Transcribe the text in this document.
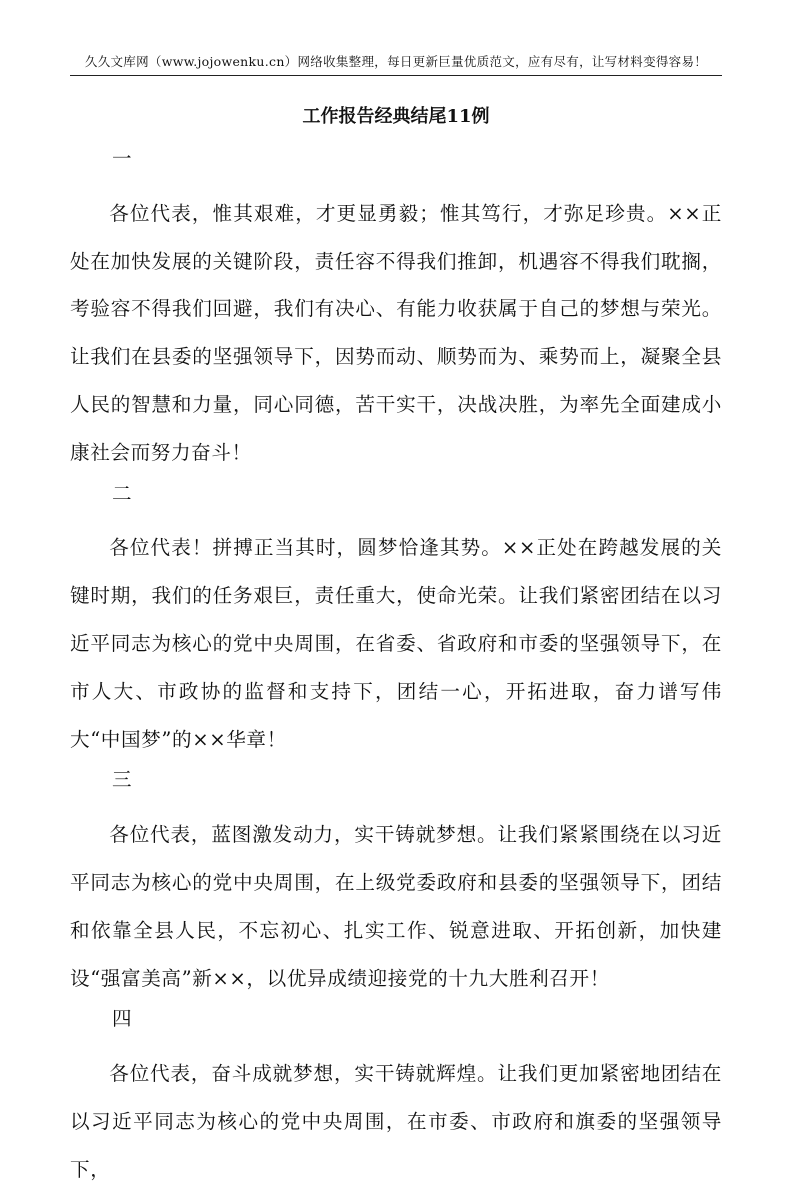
久久文库网（www.jojowenku.cn）网络收集整理，每日更新巨量优质范文，应有尽有，让写材料变得容易！
工作报告经典结尾11例

一

各位代表，惟其艰难，才更显勇毅；惟其笃行，才弥足珍贵。××正处在加快发展的关键阶段，责任容不得我们推卸，机遇容不得我们耽搁，考验容不得我们回避，我们有决心、有能力收获属于自己的梦想与荣光。让我们在县委的坚强领导下，因势而动、顺势而为、乘势而上，凝聚全县人民的智慧和力量，同心同德，苦干实干，决战决胜，为率先全面建成小康社会而努力奋斗！

二

各位代表！拼搏正当其时，圆梦恰逢其势。××正处在跨越发展的关键时期，我们的任务艰巨，责任重大，使命光荣。让我们紧密团结在以习近平同志为核心的党中央周围，在省委、省政府和市委的坚强领导下，在市人大、市政协的监督和支持下，团结一心，开拓进取，奋力谱写伟大“中国梦”的××华章！

三

各位代表，蓝图激发动力，实干铸就梦想。让我们紧紧围绕在以习近平同志为核心的党中央周围，在上级党委政府和县委的坚强领导下，团结和依靠全县人民，不忘初心、扎实工作、锐意进取、开拓创新，加快建设“强富美高”新××，以优异成绩迎接党的十九大胜利召开！

四

各位代表，奋斗成就梦想，实干铸就辉煌。让我们更加紧密地团结在以习近平同志为核心的党中央周围，在市委、市政府和旗委的坚强领导下，
